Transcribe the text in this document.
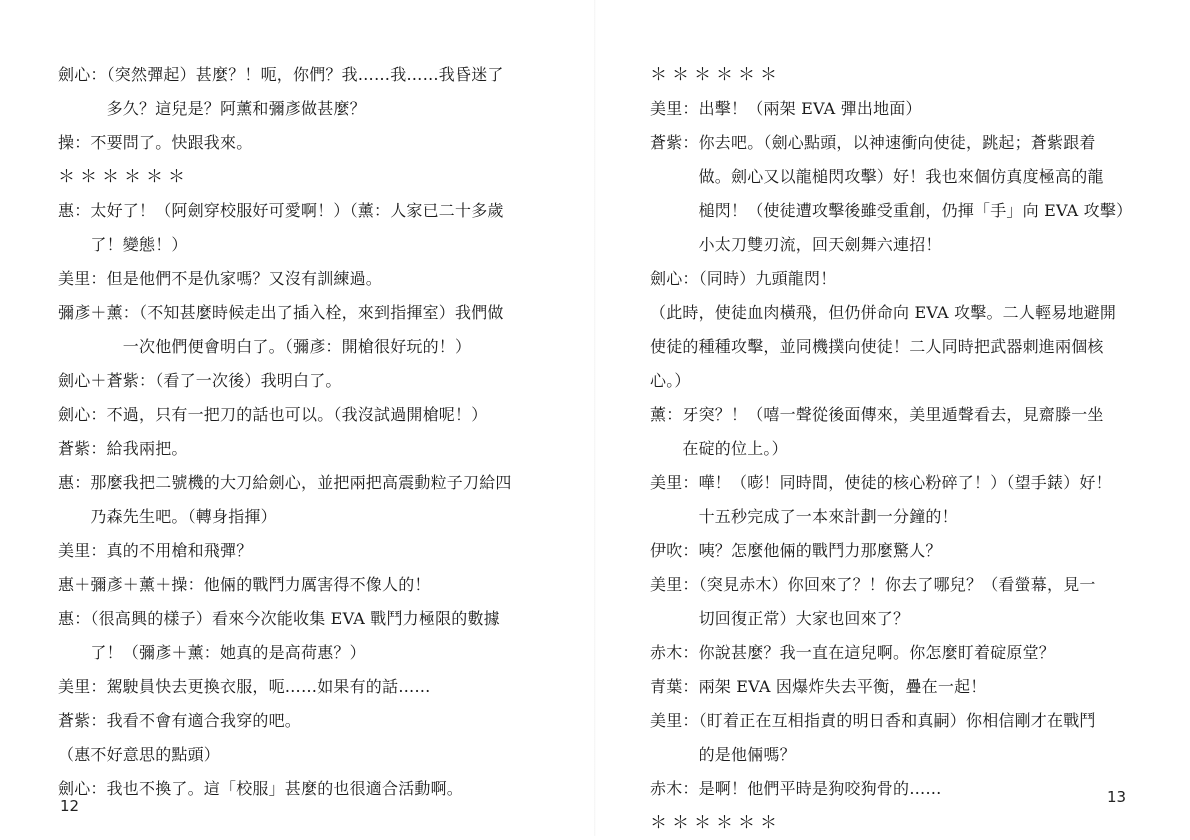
劍心：（突然彈起）甚麼？！呃，你們？我……我……我昏迷了
　　　多久？這兒是？阿薰和彌彥做甚麼？
操：不要問了。快跟我來。
＊＊＊＊＊＊
惠：太好了！（阿劍穿校服好可愛啊！）（薰：人家已二十多歲
　　了！變態！）
美里：但是他們不是仇家嗎？又沒有訓練過。
彌彥＋薰：（不知甚麼時候走出了插入栓，來到指揮室）我們做
　　　　一次他們便會明白了。（彌彥：開槍很好玩的！）
劍心＋蒼紫：（看了一次後）我明白了。
劍心：不過，只有一把刀的話也可以。（我沒試過開槍呢！）
蒼紫：給我兩把。
惠：那麼我把二號機的大刀給劍心，並把兩把高震動粒子刀給四
　　乃森先生吧。（轉身指揮）
美里：真的不用槍和飛彈？
惠＋彌彥＋薰＋操：他倆的戰鬥力厲害得不像人的！
惠：（很高興的樣子）看來今次能收集 EVA 戰鬥力極限的數據
　　了！（彌彥＋薰：她真的是高荷惠？）
美里：駕駛員快去更換衣服，呃……如果有的話……
蒼紫：我看不會有適合我穿的吧。
（惠不好意思的點頭）
劍心：我也不換了。這「校服」甚麼的也很適合活動啊。
12
＊＊＊＊＊＊
美里：出擊！（兩架 EVA 彈出地面）
蒼紫：你去吧。（劍心點頭，以神速衝向使徒，跳起；蒼紫跟着
　　　做。劍心又以龍槌閃攻擊）好！我也來個仿真度極高的龍
　　　槌閃！（使徒遭攻擊後雖受重創，仍揮「手」向 EVA 攻擊）
　　　小太刀雙刃流，回天劍舞六連招！
劍心：（同時）九頭龍閃！
（此時，使徒血肉橫飛，但仍併命向 EVA 攻擊。二人輕易地避開
使徒的種種攻擊，並同機撲向使徒！二人同時把武器刺進兩個核
心。）
薰：牙突？！（嘻一聲從後面傳來，美里遁聲看去，見齋滕一坐
　　在碇的位上。）
美里：嘩！（嘭！同時間，使徒的核心粉碎了！）（望手錶）好！
　　　十五秒完成了一本來計劃一分鐘的！
伊吹：咦？怎麼他倆的戰鬥力那麼驚人？
美里：（突見赤木）你回來了？！你去了哪兒？（看螢幕，見一
　　　切回復正常）大家也回來了？
赤木：你說甚麼？我一直在這兒啊。你怎麼盯着碇原堂？
青葉：兩架 EVA 因爆炸失去平衡，疊在一起！
美里：（盯着正在互相指責的明日香和真嗣）你相信剛才在戰鬥
　　　的是他倆嗎？
赤木：是啊！他們平時是狗咬狗骨的……
＊＊＊＊＊＊
13
